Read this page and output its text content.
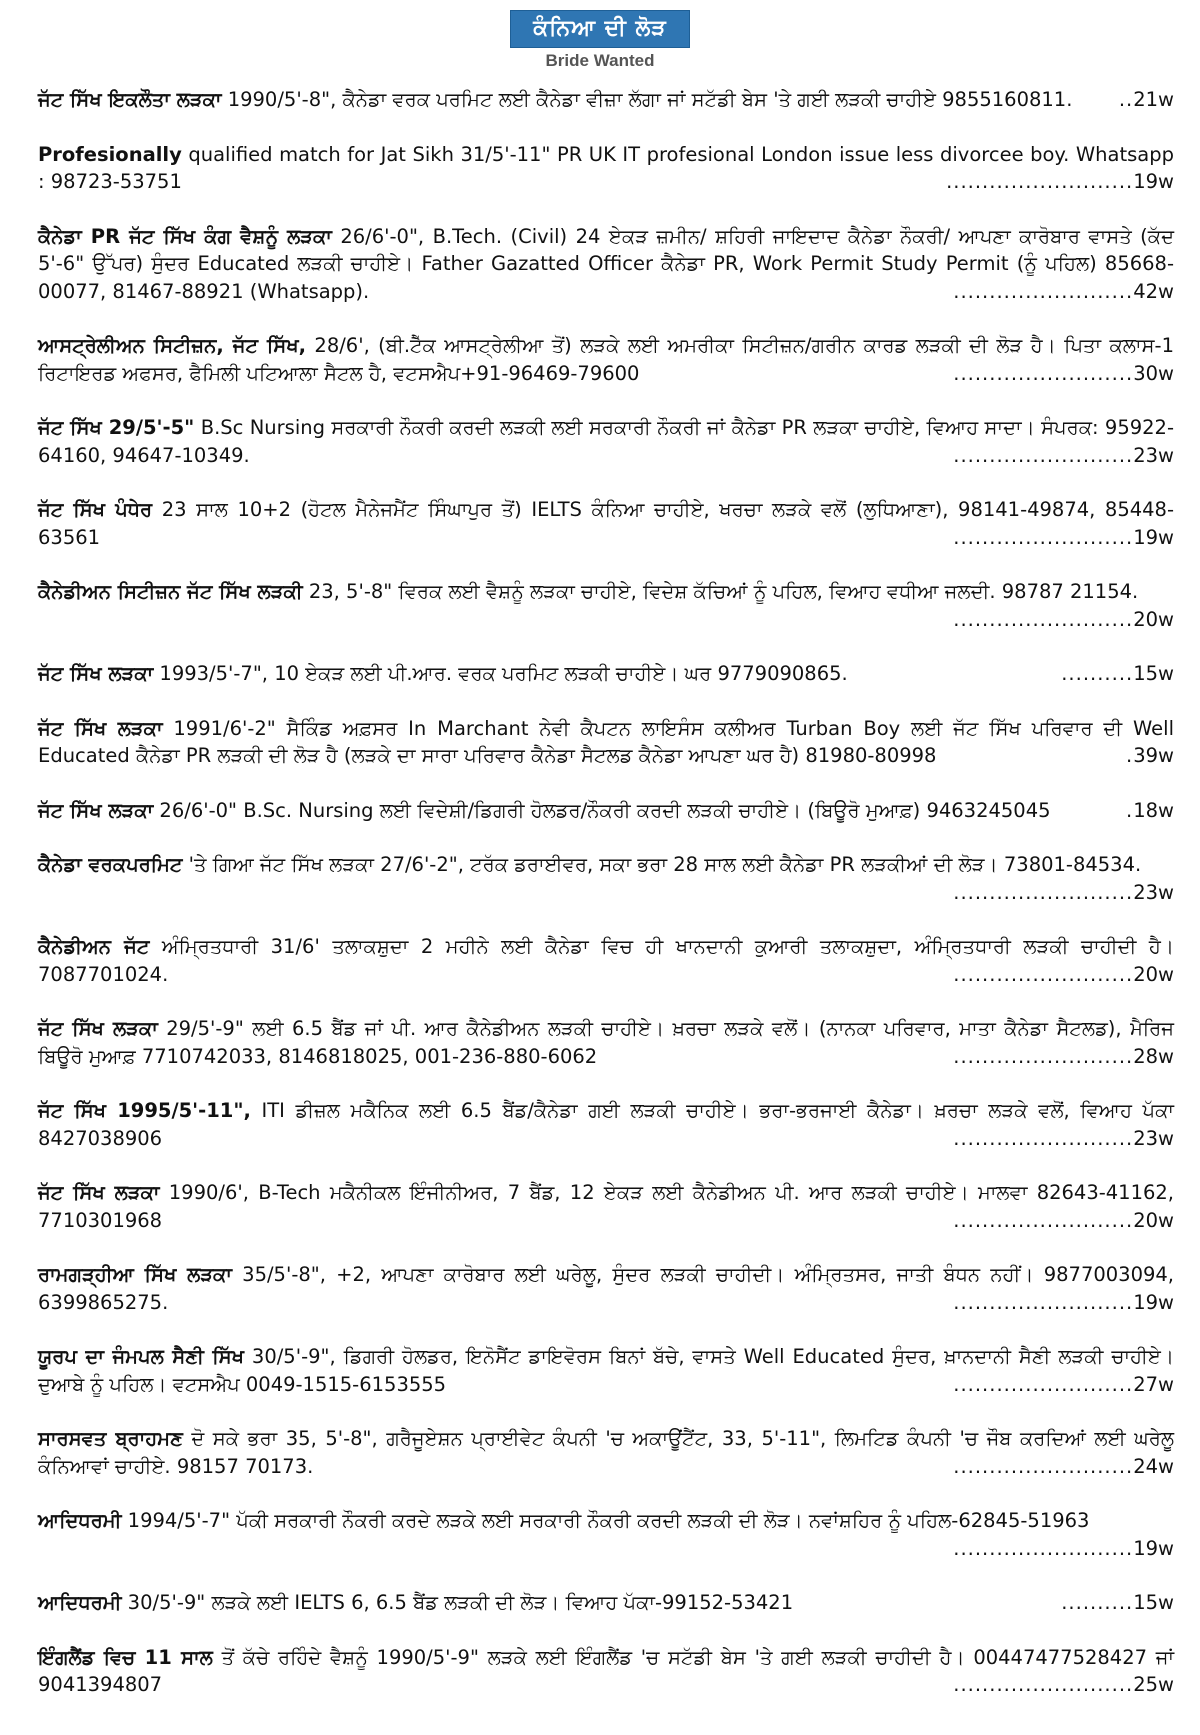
ਕੰਨਿਆ ਦੀ ਲੋੜ
Bride Wanted
ਜੱਟ ਸਿੱਖ ਇਕਲੌਤਾ ਲੜਕਾ 1990/5'-8", ਕੈਨੇਡਾ ਵਰਕ ਪਰਮਿਟ ਲਈ ਕੈਨੇਡਾ ਵੀਜ਼ਾ ਲੱਗਾ ਜਾਂ ਸਟੱਡੀ ਬੇਸ 'ਤੇ ਗਈ ਲੜਕੀ ਚਾਹੀਏ 9855160811. ..21w
Profesionally qualified match for Jat Sikh 31/5'-11" PR UK IT profesional London issue less divorcee boy. Whatsapp : 98723-53751	..........................19w
ਕੈਨੇਡਾ PR ਜੱਟ ਸਿੱਖ ਕੰਗ ਵੈਸ਼ਨੂੰ ਲੜਕਾ 26/6'-0", B.Tech. (Civil) 24 ਏਕੜ ਜ਼ਮੀਨ/ ਸ਼ਹਿਰੀ ਜਾਇਦਾਦ ਕੈਨੇਡਾ ਨੌਕਰੀ/ ਆਪਣਾ ਕਾਰੋਬਾਰ ਵਾਸਤੇ (ਕੱਦ 5'-6" ਉੱਪਰ) ਸੁੰਦਰ Educated ਲੜਕੀ ਚਾਹੀਏ। Father Gazatted Officer ਕੈਨੇਡਾ PR, Work Permit Study Permit (ਨੂੰ ਪਹਿਲ) 85668-00077, 81467-88921 (Whatsapp).	.........................42w
ਆਸਟ੍ਰੇਲੀਅਨ ਸਿਟੀਜ਼ਨ, ਜੱਟ ਸਿੱਖ, 28/6', (ਬੀ.ਟੈੱਕ ਆਸਟ੍ਰੇਲੀਆ ਤੋਂ) ਲੜਕੇ ਲਈ ਅਮਰੀਕਾ ਸਿਟੀਜ਼ਨ/ਗਰੀਨ ਕਾਰਡ ਲੜਕੀ ਦੀ ਲੋੜ ਹੈ। ਪਿਤਾ ਕਲਾਸ-1 ਰਿਟਾਇਰਡ ਅਫਸਰ, ਫੈਮਿਲੀ ਪਟਿਆਲਾ ਸੈਟਲ ਹੈ, ਵਟਸਐਪ+91-96469-79600	.........................30w
ਜੱਟ ਸਿੱਖ 29/5'-5" B.Sc Nursing ਸਰਕਾਰੀ ਨੌਕਰੀ ਕਰਦੀ ਲੜਕੀ ਲਈ ਸਰਕਾਰੀ ਨੌਕਰੀ ਜਾਂ ਕੈਨੇਡਾ PR ਲੜਕਾ ਚਾਹੀਏ, ਵਿਆਹ ਸਾਦਾ। ਸੰਪਰਕ: 95922-64160, 94647-10349.	.........................23w
ਜੱਟ ਸਿੱਖ ਪੰਧੇਰ 23 ਸਾਲ 10+2 (ਹੋਟਲ ਮੈਨੇਜਮੈਂਟ ਸਿੰਘਾਪੁਰ ਤੋਂ) IELTS ਕੰਨਿਆ ਚਾਹੀਏ, ਖਰਚਾ ਲੜਕੇ ਵਲੋਂ (ਲੁਧਿਆਣਾ), 98141-49874, 85448-63561	.........................19w
ਕੈਨੇਡੀਅਨ ਸਿਟੀਜ਼ਨ ਜੱਟ ਸਿੱਖ ਲੜਕੀ 23, 5'-8" ਵਿਰਕ ਲਈ ਵੈਸ਼ਨੂੰ ਲੜਕਾ ਚਾਹੀਏ, ਵਿਦੇਸ਼ ਕੱਚਿਆਂ ਨੂੰ ਪਹਿਲ, ਵਿਆਹ ਵਧੀਆ ਜਲਦੀ. 98787 21154.
.........................20w
ਜੱਟ ਸਿੱਖ ਲੜਕਾ 1993/5'-7", 10 ਏਕੜ ਲਈ ਪੀ.ਆਰ. ਵਰਕ ਪਰਮਿਟ ਲੜਕੀ ਚਾਹੀਏ। ਘਰ 9779090865.	..........15w
ਜੱਟ ਸਿੱਖ ਲੜਕਾ 1991/6'-2" ਸੈਕਿੰਡ ਅਫ਼ਸਰ In Marchant ਨੇਵੀ ਕੈਪਟਨ ਲਾਇਸੰਸ ਕਲੀਅਰ Turban Boy ਲਈ ਜੱਟ ਸਿੱਖ ਪਰਿਵਾਰ ਦੀ Well Educated ਕੈਨੇਡਾ PR ਲੜਕੀ ਦੀ ਲੋੜ ਹੈ (ਲੜਕੇ ਦਾ ਸਾਰਾ ਪਰਿਵਾਰ ਕੈਨੇਡਾ ਸੈਟਲਡ ਕੈਨੇਡਾ ਆਪਣਾ ਘਰ ਹੈ) 81980-80998	.39w
ਜੱਟ ਸਿੱਖ ਲੜਕਾ 26/6'-0" B.Sc. Nursing ਲਈ ਵਿਦੇਸ਼ੀ/ਡਿਗਰੀ ਹੋਲਡਰ/ਨੌਕਰੀ ਕਰਦੀ ਲੜਕੀ ਚਾਹੀਏ। (ਬਿਊਰੋ ਮੁਆਫ਼) 9463245045	.18w
ਕੈਨੇਡਾ ਵਰਕਪਰਮਿਟ 'ਤੇ ਗਿਆ ਜੱਟ ਸਿੱਖ ਲੜਕਾ 27/6'-2", ਟਰੱਕ ਡਰਾਈਵਰ, ਸਕਾ ਭਰਾ 28 ਸਾਲ ਲਈ ਕੈਨੇਡਾ PR ਲੜਕੀਆਂ ਦੀ ਲੋੜ। 73801-84534.
.........................23w
ਕੈਨੇਡੀਅਨ ਜੱਟ ਅੰਮ੍ਰਿਤਧਾਰੀ 31/6' ਤਲਾਕਸ਼ੁਦਾ 2 ਮਹੀਨੇ ਲਈ ਕੈਨੇਡਾ ਵਿਚ ਹੀ ਖਾਨਦਾਨੀ ਕੁਆਰੀ ਤਲਾਕਸ਼ੁਦਾ, ਅੰਮ੍ਰਿਤਧਾਰੀ ਲੜਕੀ ਚਾਹੀਦੀ ਹੈ। 7087701024.	.........................20w
ਜੱਟ ਸਿੱਖ ਲੜਕਾ 29/5'-9" ਲਈ 6.5 ਬੈਂਡ ਜਾਂ ਪੀ. ਆਰ ਕੈਨੇਡੀਅਨ ਲੜਕੀ ਚਾਹੀਏ। ਖ਼ਰਚਾ ਲੜਕੇ ਵਲੋਂ। (ਨਾਨਕਾ ਪਰਿਵਾਰ, ਮਾਤਾ ਕੈਨੇਡਾ ਸੈਟਲਡ), ਮੈਰਿਜ ਬਿਊਰੋ ਮੁਆਫ਼ 7710742033, 8146818025, 001-236-880-6062	.........................28w
ਜੱਟ ਸਿੱਖ 1995/5'-11", ITI ਡੀਜ਼ਲ ਮਕੈਨਿਕ ਲਈ 6.5 ਬੈਂਡ/ਕੈਨੇਡਾ ਗਈ ਲੜਕੀ ਚਾਹੀਏ। ਭਰਾ-ਭਰਜਾਈ ਕੈਨੇਡਾ। ਖ਼ਰਚਾ ਲੜਕੇ ਵਲੋਂ, ਵਿਆਹ ਪੱਕਾ 8427038906	.........................23w
ਜੱਟ ਸਿੱਖ ਲੜਕਾ 1990/6', B-Tech ਮਕੈਨੀਕਲ ਇੰਜੀਨੀਅਰ, 7 ਬੈਂਡ, 12 ਏਕੜ ਲਈ ਕੈਨੇਡੀਅਨ ਪੀ. ਆਰ ਲੜਕੀ ਚਾਹੀਏ। ਮਾਲਵਾ 82643-41162, 7710301968	.........................20w
ਰਾਮਗੜ੍ਹੀਆ ਸਿੱਖ ਲੜਕਾ 35/5'-8", +2, ਆਪਣਾ ਕਾਰੋਬਾਰ ਲਈ ਘਰੇਲੂ, ਸੁੰਦਰ ਲੜਕੀ ਚਾਹੀਦੀ। ਅੰਮ੍ਰਿਤਸਰ, ਜਾਤੀ ਬੰਧਨ ਨਹੀਂ। 9877003094, 6399865275.	.........................19w
ਯੂਰਪ ਦਾ ਜੰਮਪਲ ਸੈਣੀ ਸਿੱਖ 30/5'-9", ਡਿਗਰੀ ਹੋਲਡਰ, ਇਨੋਸੈਂਟ ਡਾਇਵੋਰਸ ਬਿਨਾਂ ਬੱਚੇ, ਵਾਸਤੇ Well Educated ਸੁੰਦਰ, ਖ਼ਾਨਦਾਨੀ ਸੈਣੀ ਲੜਕੀ ਚਾਹੀਏ। ਦੁਆਬੇ ਨੂੰ ਪਹਿਲ। ਵਟਸਐਪ 0049-1515-6153555	.........................27w
ਸਾਰਸਵਤ ਬ੍ਰਾਹਮਣ ਦੋ ਸਕੇ ਭਰਾ 35, 5'-8", ਗਰੈਜੂਏਸ਼ਨ ਪ੍ਰਾਈਵੇਟ ਕੰਪਨੀ 'ਚ ਅਕਾਊਂਟੈਂਟ, 33, 5'-11", ਲਿਮਟਿਡ ਕੰਪਨੀ 'ਚ ਜੌਬ ਕਰਦਿਆਂ ਲਈ ਘਰੇਲੂ ਕੰਨਿਆਵਾਂ ਚਾਹੀਏ. 98157 70173.	.........................24w
ਆਦਿਧਰਮੀ 1994/5'-7" ਪੱਕੀ ਸਰਕਾਰੀ ਨੌਕਰੀ ਕਰਦੇ ਲੜਕੇ ਲਈ ਸਰਕਾਰੀ ਨੌਕਰੀ ਕਰਦੀ ਲੜਕੀ ਦੀ ਲੋੜ। ਨਵਾਂਸ਼ਹਿਰ ਨੂੰ ਪਹਿਲ-62845-51963
.........................19w
ਆਦਿਧਰਮੀ 30/5'-9" ਲੜਕੇ ਲਈ IELTS 6, 6.5 ਬੈਂਡ ਲੜਕੀ ਦੀ ਲੋੜ। ਵਿਆਹ ਪੱਕਾ-99152-53421	..........15w
ਇੰਗਲੈਂਡ ਵਿਚ 11 ਸਾਲ ਤੋਂ ਕੱਚੇ ਰਹਿੰਦੇ ਵੈਸ਼ਨੂੰ 1990/5'-9" ਲੜਕੇ ਲਈ ਇੰਗਲੈਂਡ 'ਚ ਸਟੱਡੀ ਬੇਸ 'ਤੇ ਗਈ ਲੜਕੀ ਚਾਹੀਦੀ ਹੈ। 00447477528427 ਜਾਂ 9041394807	.........................25w
